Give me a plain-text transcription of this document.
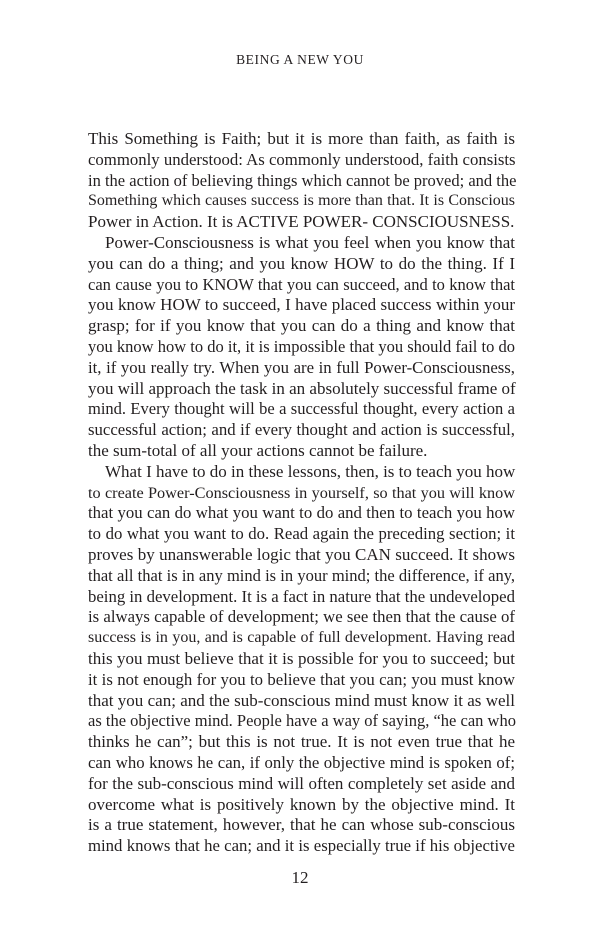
BEING A NEW YOU
This Something is Faith; but it is more than faith, as faith is
commonly understood: As commonly understood, faith consists
in the action of believing things which cannot be proved; and the
Something which causes success is more than that. It is Conscious
Power in Action. It is ACTIVE POWER- CONSCIOUSNESS.
Power-Consciousness is what you feel when you know that
you can do a thing; and you know HOW to do the thing. If I
can cause you to KNOW that you can succeed, and to know that
you know HOW to succeed, I have placed success within your
grasp; for if you know that you can do a thing and know that
you know how to do it, it is impossible that you should fail to do
it, if you really try. When you are in full Power-Consciousness,
you will approach the task in an absolutely successful frame of
mind. Every thought will be a successful thought, every action a
successful action; and if every thought and action is successful,
the sum-total of all your actions cannot be failure.
What I have to do in these lessons, then, is to teach you how
to create Power-Consciousness in yourself, so that you will know
that you can do what you want to do and then to teach you how
to do what you want to do. Read again the preceding section; it
proves by unanswerable logic that you CAN succeed. It shows
that all that is in any mind is in your mind; the difference, if any,
being in development. It is a fact in nature that the undeveloped
is always capable of development; we see then that the cause of
success is in you, and is capable of full development. Having read
this you must believe that it is possible for you to succeed; but
it is not enough for you to believe that you can; you must know
that you can; and the sub-conscious mind must know it as well
as the objective mind. People have a way of saying, “he can who
thinks he can”; but this is not true. It is not even true that he
can who knows he can, if only the objective mind is spoken of;
for the sub-conscious mind will often completely set aside and
overcome what is positively known by the objective mind. It
is a true statement, however, that he can whose sub-conscious
mind knows that he can; and it is especially true if his objective
12
